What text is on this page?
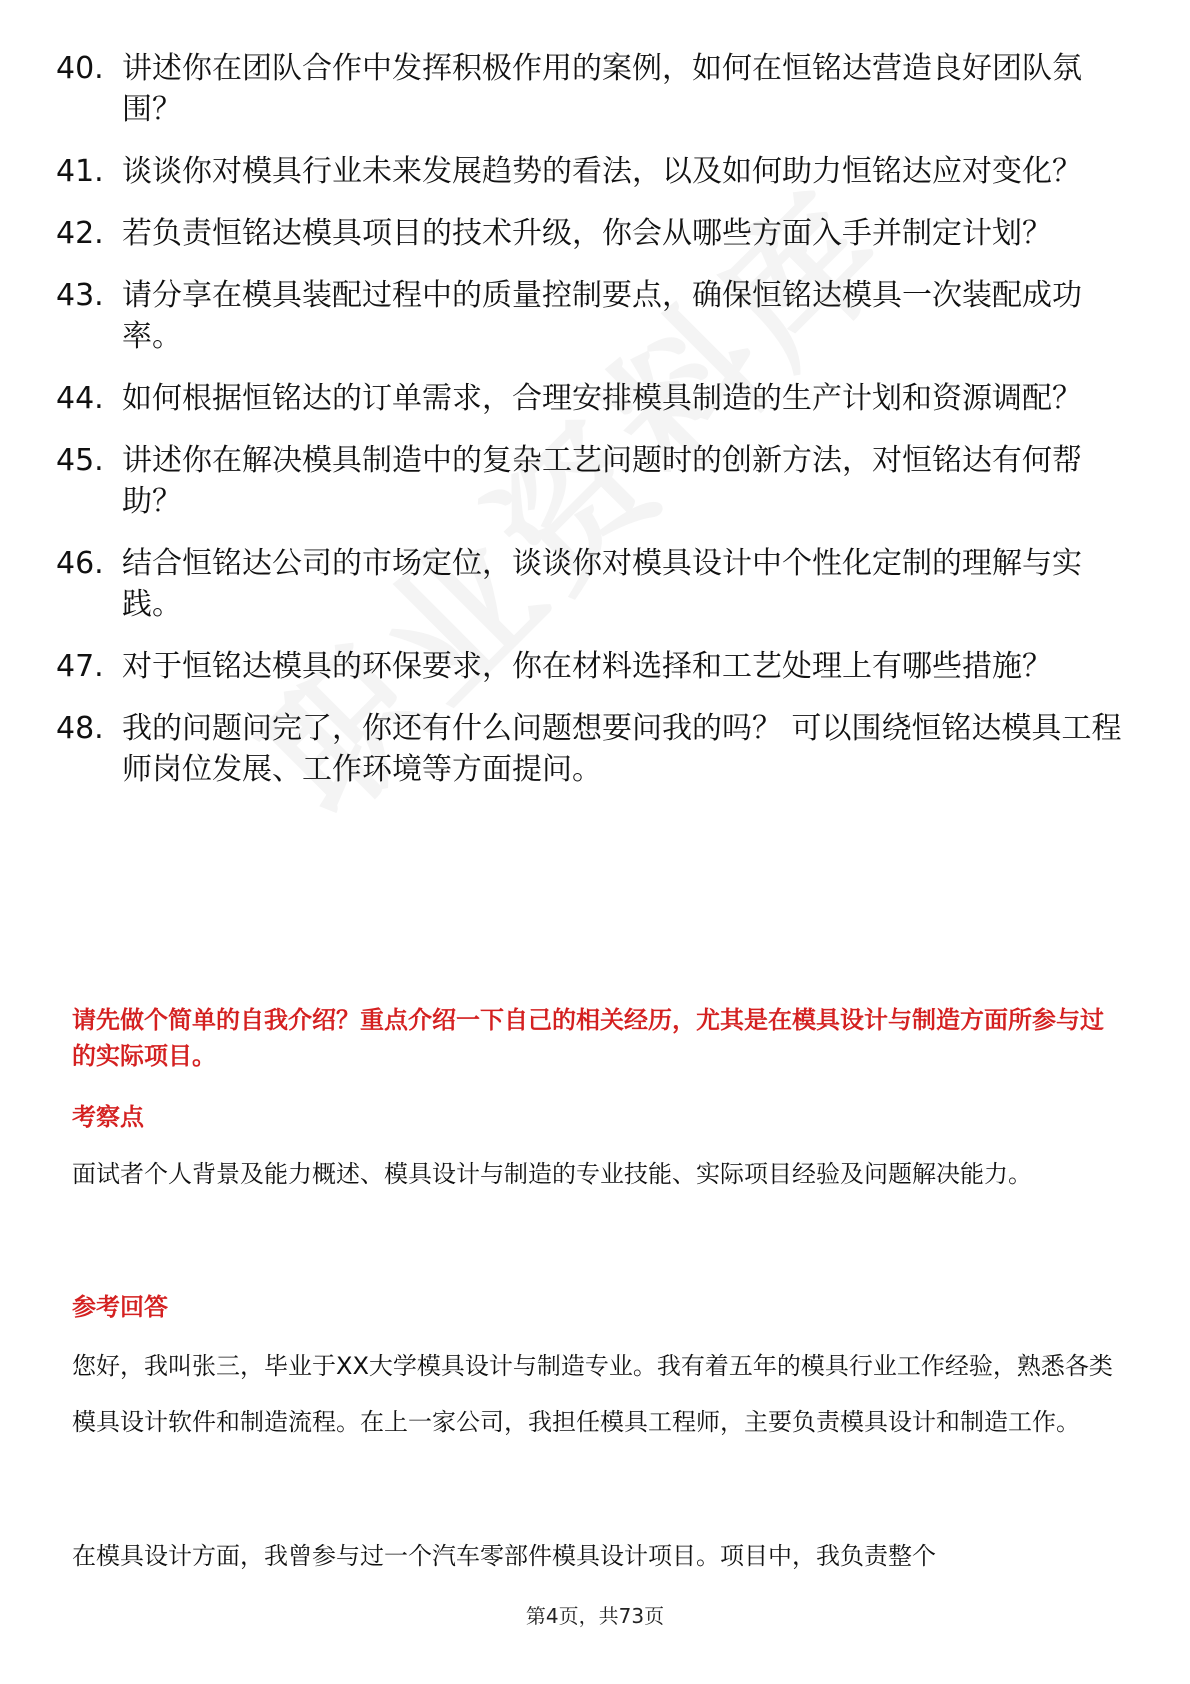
40. 讲述你在团队合作中发挥积极作用的案例，如何在恒铭达营造良好团队氛围？
41. 谈谈你对模具行业未来发展趋势的看法，以及如何助力恒铭达应对变化？
42. 若负责恒铭达模具项目的技术升级，你会从哪些方面入手并制定计划？
43. 请分享在模具装配过程中的质量控制要点，确保恒铭达模具一次装配成功率。
44. 如何根据恒铭达的订单需求，合理安排模具制造的生产计划和资源调配？
45. 讲述你在解决模具制造中的复杂工艺问题时的创新方法，对恒铭达有何帮助？
46. 结合恒铭达公司的市场定位，谈谈你对模具设计中个性化定制的理解与实践。
47. 对于恒铭达模具的环保要求，你在材料选择和工艺处理上有哪些措施？
48. 我的问题问完了，你还有什么问题想要问我的吗？ 可以围绕恒铭达模具工程师岗位发展、工作环境等方面提问。

请先做个简单的自我介绍？重点介绍一下自己的相关经历，尤其是在模具设计与制造方面所参与过的实际项目。

考察点

面试者个人背景及能力概述、模具设计与制造的专业技能、实际项目经验及问题解决能力。

参考回答

您好，我叫张三，毕业于XX大学模具设计与制造专业。我有着五年的模具行业工作经验，熟悉各类模具设计软件和制造流程。在上一家公司，我担任模具工程师，主要负责模具设计和制造工作。

在模具设计方面，我曾参与过一个汽车零部件模具设计项目。项目中，我负责整个

第4页，共73页
